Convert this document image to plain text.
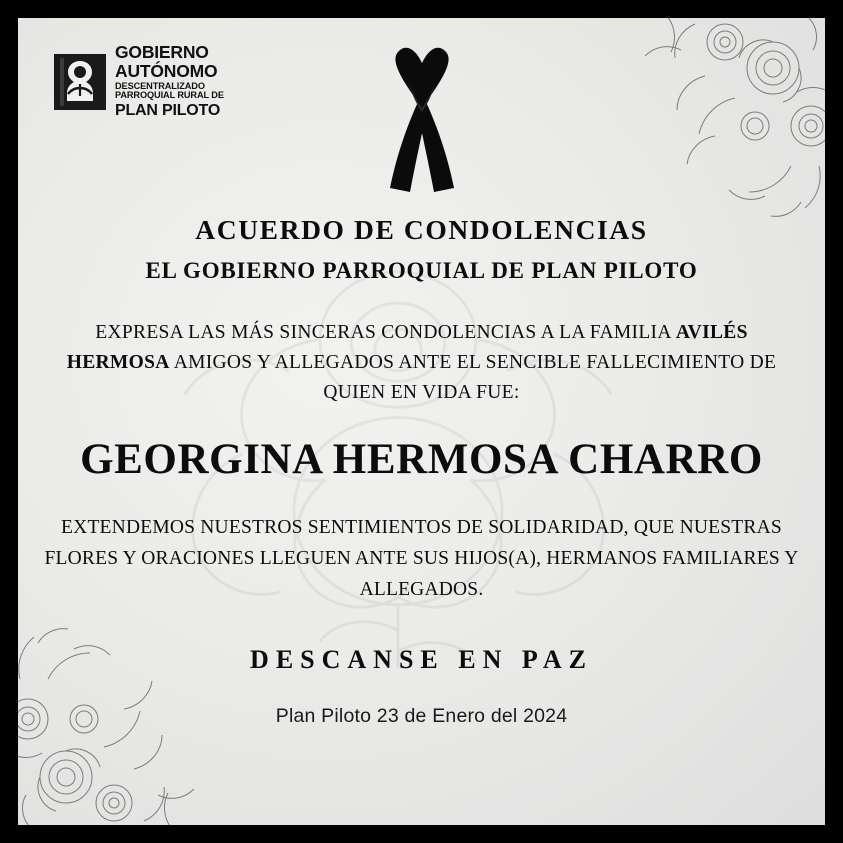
GOBIERNO
AUTÓNOMO
DESCENTRALIZADO
PARROQUIAL RURAL DE
PLAN PILOTO
ACUERDO DE CONDOLENCIAS
EL GOBIERNO PARROQUIAL DE PLAN PILOTO
EXPRESA LAS MÁS SINCERAS CONDOLENCIAS A LA FAMILIA AVILÉS HERMOSA AMIGOS Y ALLEGADOS ANTE EL SENCIBLE FALLECIMIENTO DE QUIEN EN VIDA FUE:
GEORGINA HERMOSA CHARRO
EXTENDEMOS NUESTROS SENTIMIENTOS DE SOLIDARIDAD, QUE NUESTRAS FLORES Y ORACIONES LLEGUEN ANTE SUS HIJOS(A), HERMANOS FAMILIARES Y ALLEGADOS.
DESCANSE EN PAZ
Plan Piloto 23 de Enero del 2024
